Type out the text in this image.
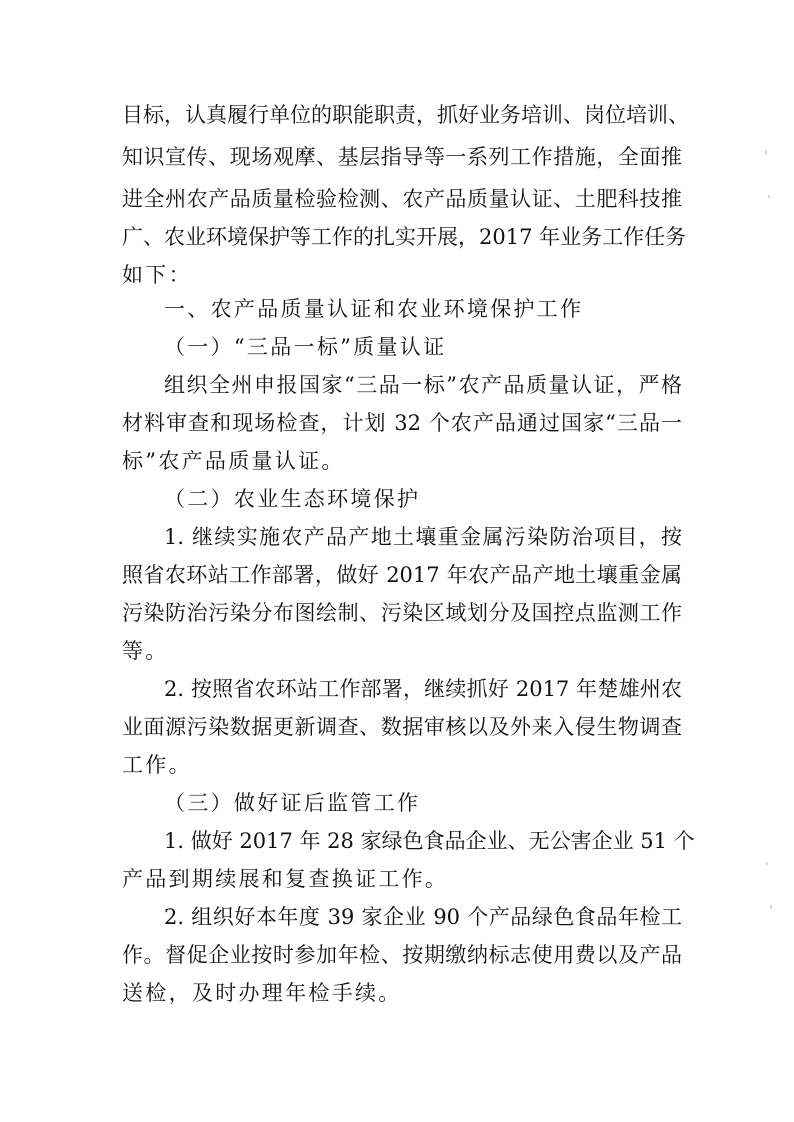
目标，认真履行单位的职能职责，抓好业务培训、岗位培训、
知识宣传、现场观摩、基层指导等一系列工作措施，全面推
进全州农产品质量检验检测、农产品质量认证、土肥科技推
广、农业环境保护等工作的扎实开展，2017 年业务工作任务
如下：
一、农产品质量认证和农业环境保护工作
（一）“三品一标”质量认证
组织全州申报国家“三品一标”农产品质量认证，严格
材料审查和现场检查，计划 32 个农产品通过国家“三品一
标”农产品质量认证。
（二）农业生态环境保护
1. 继续实施农产品产地土壤重金属污染防治项目，按
照省农环站工作部署，做好 2017 年农产品产地土壤重金属
污染防治污染分布图绘制、污染区域划分及国控点监测工作
等。
2. 按照省农环站工作部署，继续抓好 2017 年楚雄州农
业面源污染数据更新调查、数据审核以及外来入侵生物调查
工作。
（三）做好证后监管工作
1. 做好 2017 年 28 家绿色食品企业、无公害企业 51 个
产品到期续展和复查换证工作。
2. 组织好本年度 39 家企业 90 个产品绿色食品年检工
作。督促企业按时参加年检、按期缴纳标志使用费以及产品
送检，及时办理年检手续。
